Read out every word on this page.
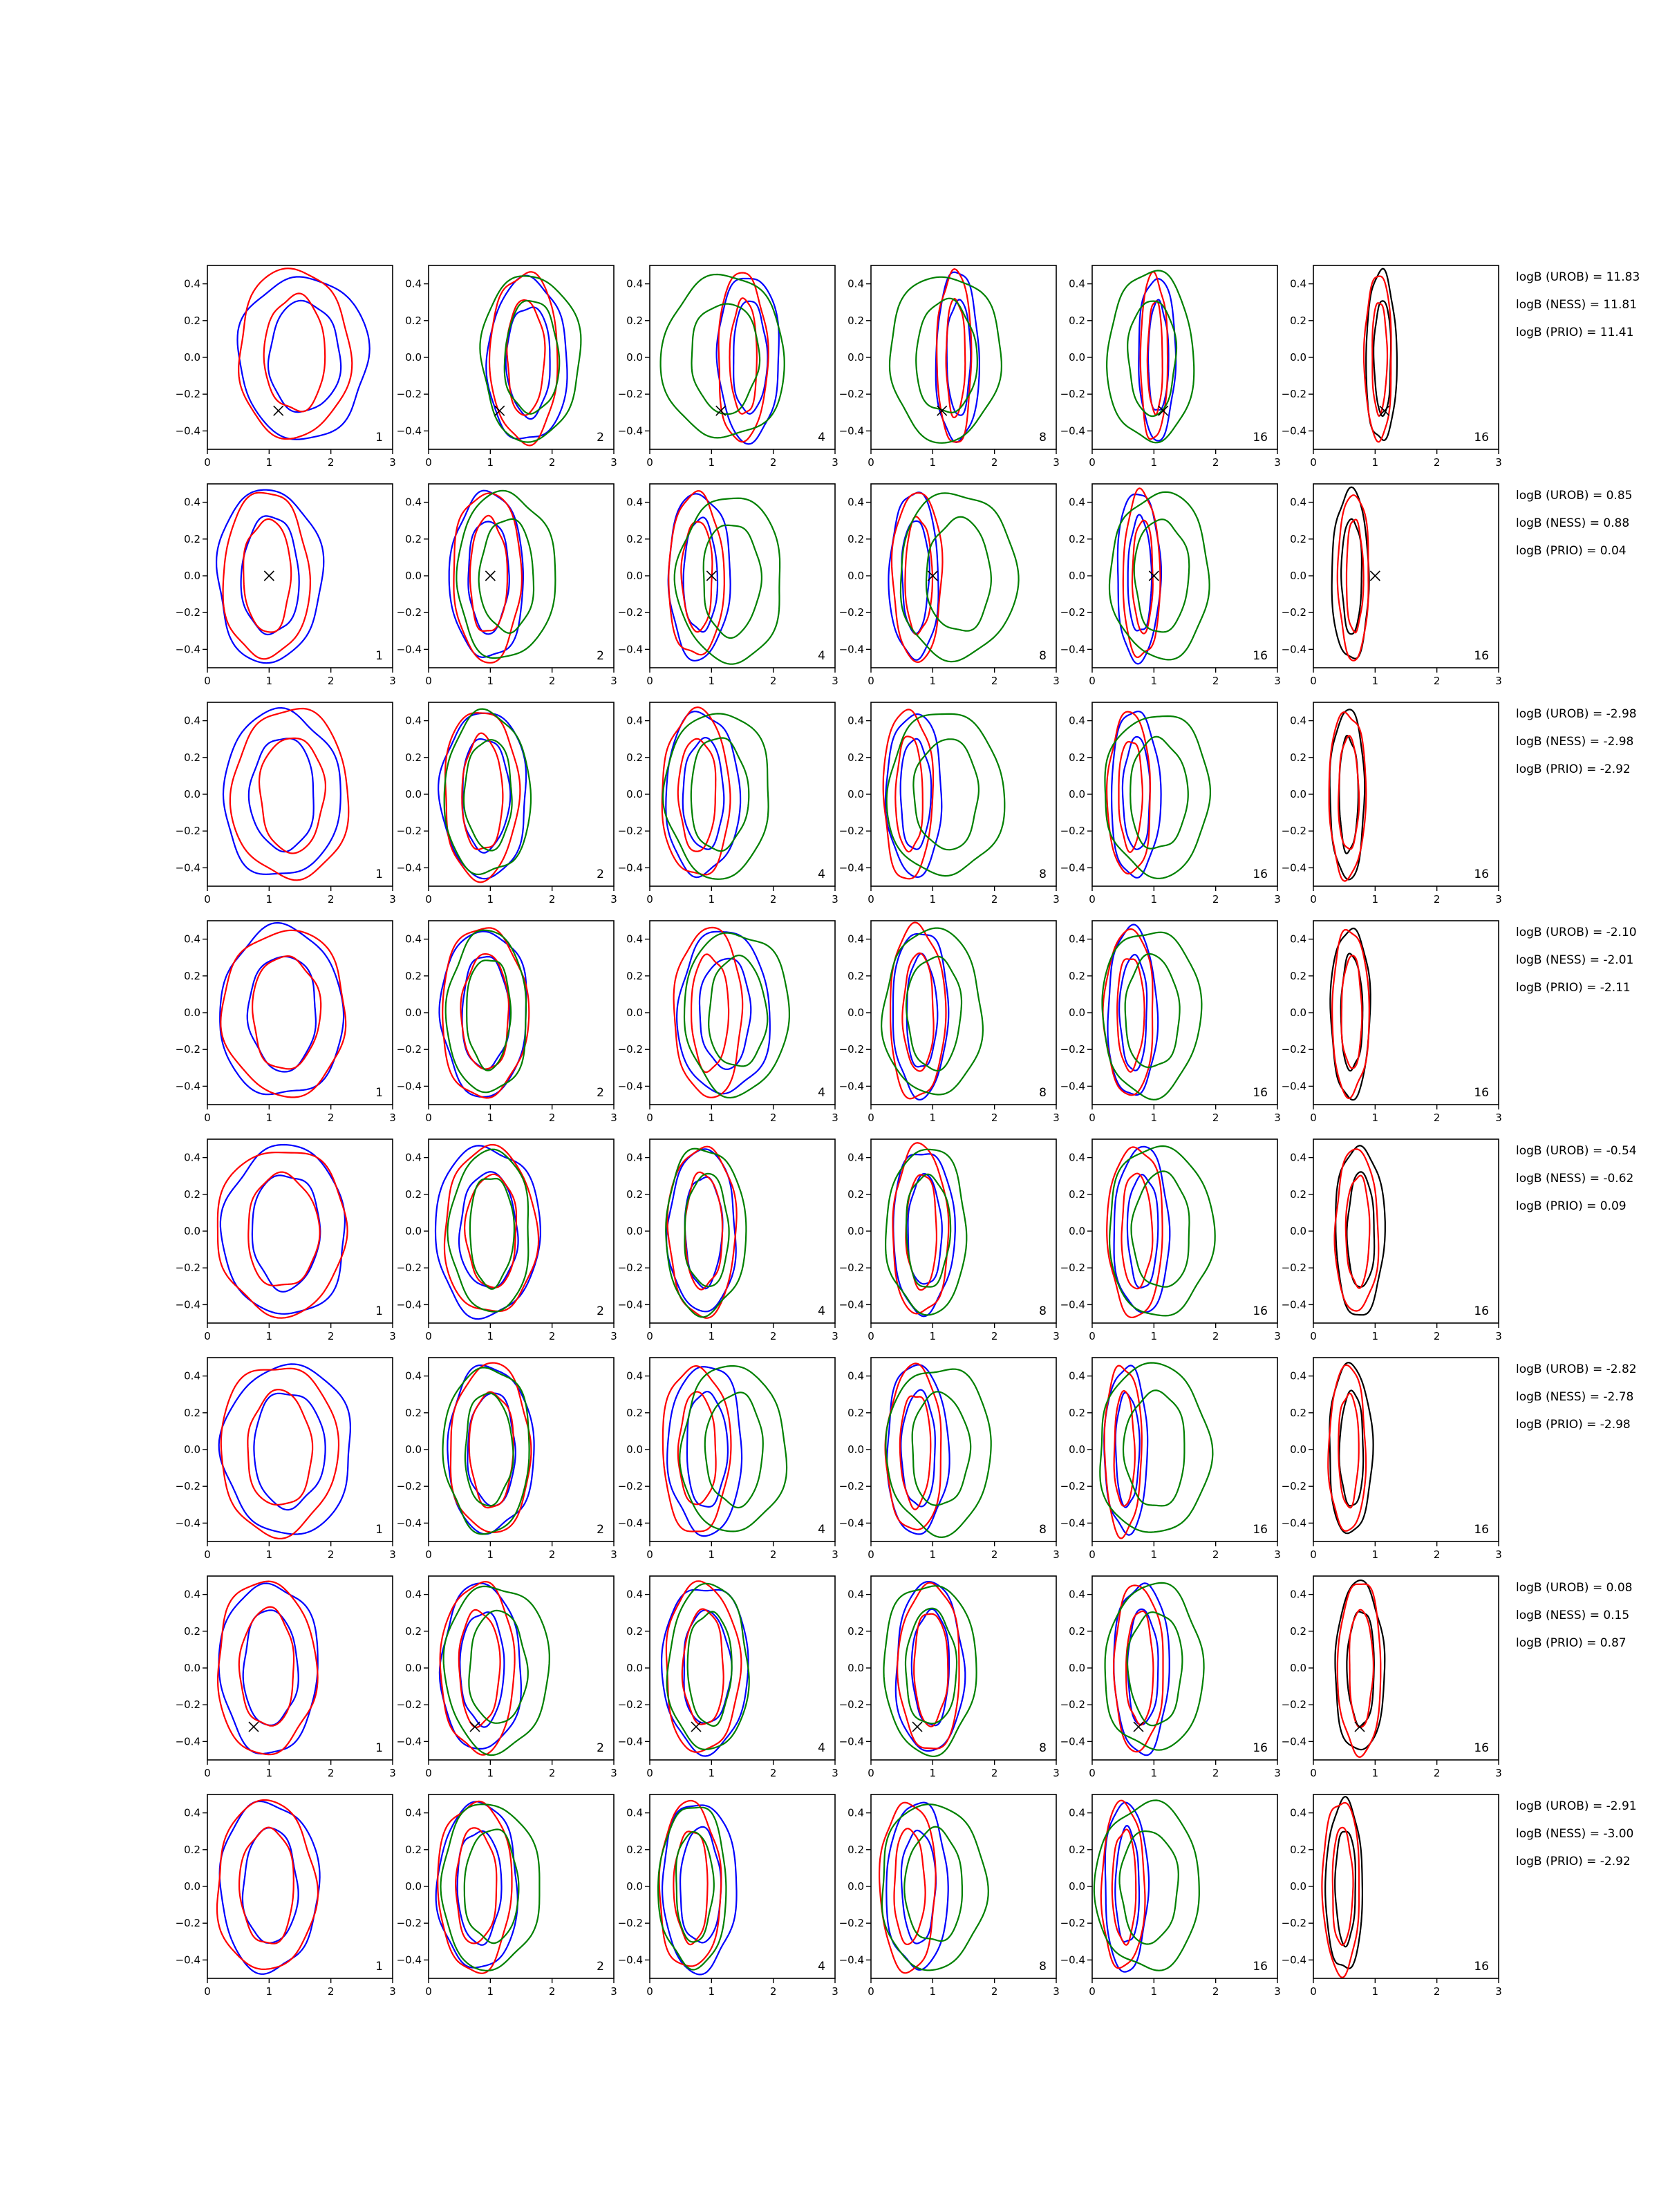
0	1	2	3
−0.4
−0.2
0.0
0.2
0.4
1
0	1	2	3
−0.4
−0.2
0.0
0.2
0.4
2
0	1	2	3
−0.4
−0.2
0.0
0.2
0.4
4
0	1	2	3
−0.4
−0.2
0.0
0.2
0.4
8
0	1	2	3
−0.4
−0.2
0.0
0.2
0.4
16
0	1	2	3
−0.4
−0.2
0.0
0.2
0.4
16
logB (UROB) = 11.83
logB (NESS) = 11.81
logB (PRIO) = 11.41
0	1	2	3
−0.4
−0.2
0.0
0.2
0.4
1
0	1	2	3
−0.4
−0.2
0.0
0.2
0.4
2
0	1	2	3
−0.4
−0.2
0.0
0.2
0.4
4
0	1	2	3
−0.4
−0.2
0.0
0.2
0.4
8
0	1	2	3
−0.4
−0.2
0.0
0.2
0.4
16
0	1	2	3
−0.4
−0.2
0.0
0.2
0.4
16
logB (UROB) = 0.85
logB (NESS) = 0.88
logB (PRIO) = 0.04
0	1	2	3
−0.4
−0.2
0.0
0.2
0.4
1
0	1	2	3
−0.4
−0.2
0.0
0.2
0.4
2
0	1	2	3
−0.4
−0.2
0.0
0.2
0.4
4
0	1	2	3
−0.4
−0.2
0.0
0.2
0.4
8
0	1	2	3
−0.4
−0.2
0.0
0.2
0.4
16
0	1	2	3
−0.4
−0.2
0.0
0.2
0.4
16
logB (UROB) = -2.98
logB (NESS) = -2.98
logB (PRIO) = -2.92
0	1	2	3
−0.4
−0.2
0.0
0.2
0.4
1
0	1	2	3
−0.4
−0.2
0.0
0.2
0.4
2
0	1	2	3
−0.4
−0.2
0.0
0.2
0.4
4
0	1	2	3
−0.4
−0.2
0.0
0.2
0.4
8
0	1	2	3
−0.4
−0.2
0.0
0.2
0.4
16
0	1	2	3
−0.4
−0.2
0.0
0.2
0.4
16
logB (UROB) = -2.10
logB (NESS) = -2.01
logB (PRIO) = -2.11
0	1	2	3
−0.4
−0.2
0.0
0.2
0.4
1
0	1	2	3
−0.4
−0.2
0.0
0.2
0.4
2
0	1	2	3
−0.4
−0.2
0.0
0.2
0.4
4
0	1	2	3
−0.4
−0.2
0.0
0.2
0.4
8
0	1	2	3
−0.4
−0.2
0.0
0.2
0.4
16
0	1	2	3
−0.4
−0.2
0.0
0.2
0.4
16
logB (UROB) = -0.54
logB (NESS) = -0.62
logB (PRIO) = 0.09
0	1	2	3
−0.4
−0.2
0.0
0.2
0.4
1
0	1	2	3
−0.4
−0.2
0.0
0.2
0.4
2
0	1	2	3
−0.4
−0.2
0.0
0.2
0.4
4
0	1	2	3
−0.4
−0.2
0.0
0.2
0.4
8
0	1	2	3
−0.4
−0.2
0.0
0.2
0.4
16
0	1	2	3
−0.4
−0.2
0.0
0.2
0.4
16
logB (UROB) = -2.82
logB (NESS) = -2.78
logB (PRIO) = -2.98
0	1	2	3
−0.4
−0.2
0.0
0.2
0.4
1
0	1	2	3
−0.4
−0.2
0.0
0.2
0.4
2
0	1	2	3
−0.4
−0.2
0.0
0.2
0.4
4
0	1	2	3
−0.4
−0.2
0.0
0.2
0.4
8
0	1	2	3
−0.4
−0.2
0.0
0.2
0.4
16
0	1	2	3
−0.4
−0.2
0.0
0.2
0.4
16
logB (UROB) = 0.08
logB (NESS) = 0.15
logB (PRIO) = 0.87
0	1	2	3
−0.4
−0.2
0.0
0.2
0.4
1
0	1	2	3
−0.4
−0.2
0.0
0.2
0.4
2
0	1	2	3
−0.4
−0.2
0.0
0.2
0.4
4
0	1	2	3
−0.4
−0.2
0.0
0.2
0.4
8
0	1	2	3
−0.4
−0.2
0.0
0.2
0.4
16
0	1	2	3
−0.4
−0.2
0.0
0.2
0.4
16
logB (UROB) = -2.91
logB (NESS) = -3.00
logB (PRIO) = -2.92
